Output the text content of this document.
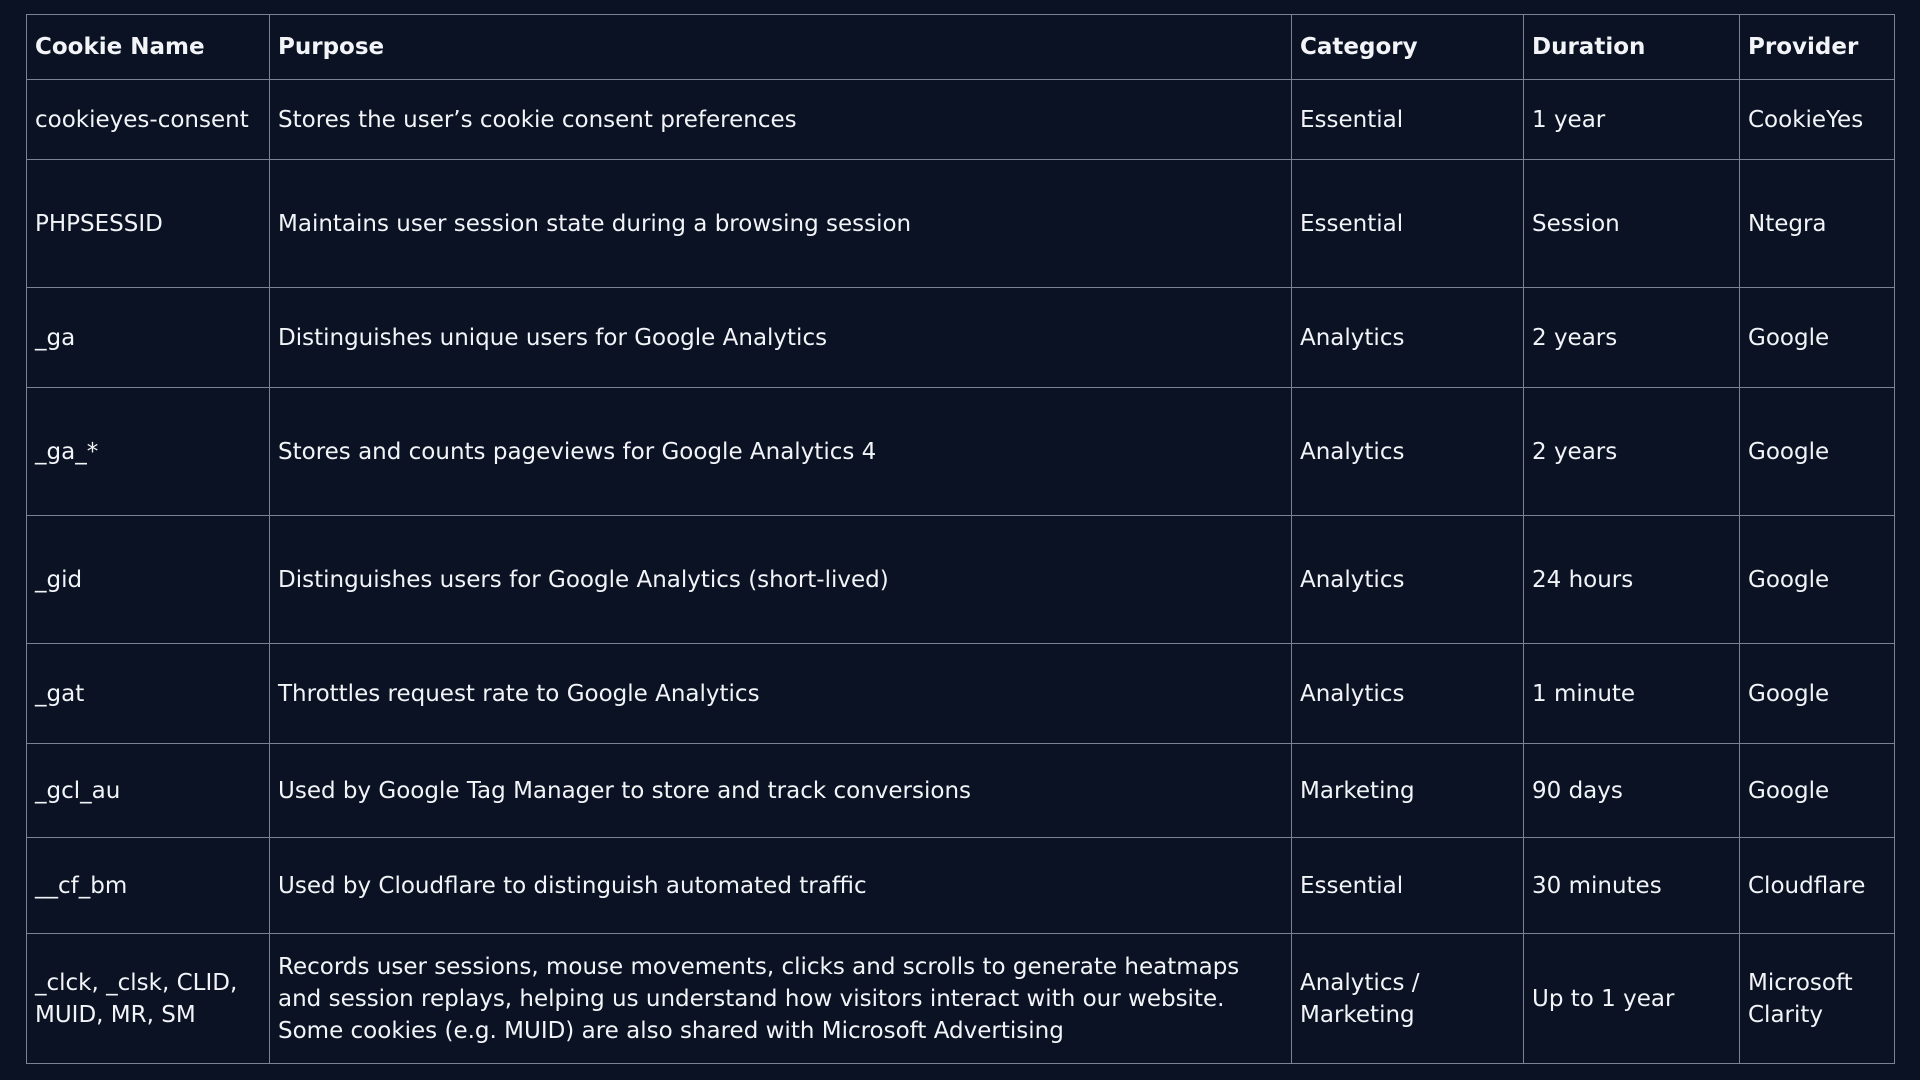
Cookie Name	Purpose	Category	Duration	Provider
cookieyes-consent	Stores the user’s cookie consent preferences	Essential	1 year	CookieYes
PHPSESSID	Maintains user session state during a browsing session	Essential	Session	Ntegra
_ga	Distinguishes unique users for Google Analytics	Analytics	2 years	Google
_ga_*	Stores and counts pageviews for Google Analytics 4	Analytics	2 years	Google
_gid	Distinguishes users for Google Analytics (short-lived)	Analytics	24 hours	Google
_gat	Throttles request rate to Google Analytics	Analytics	1 minute	Google
_gcl_au	Used by Google Tag Manager to store and track conversions	Marketing	90 days	Google
__cf_bm	Used by Cloudflare to distinguish automated traffic	Essential	30 minutes	Cloudflare
_clck, _clsk, CLID, MUID, MR, SM	Records user sessions, mouse movements, clicks and scrolls to generate heatmaps and session replays, helping us understand how visitors interact with our website. Some cookies (e.g. MUID) are also shared with Microsoft Advertising	Analytics / Marketing	Up to 1 year	Microsoft Clarity
